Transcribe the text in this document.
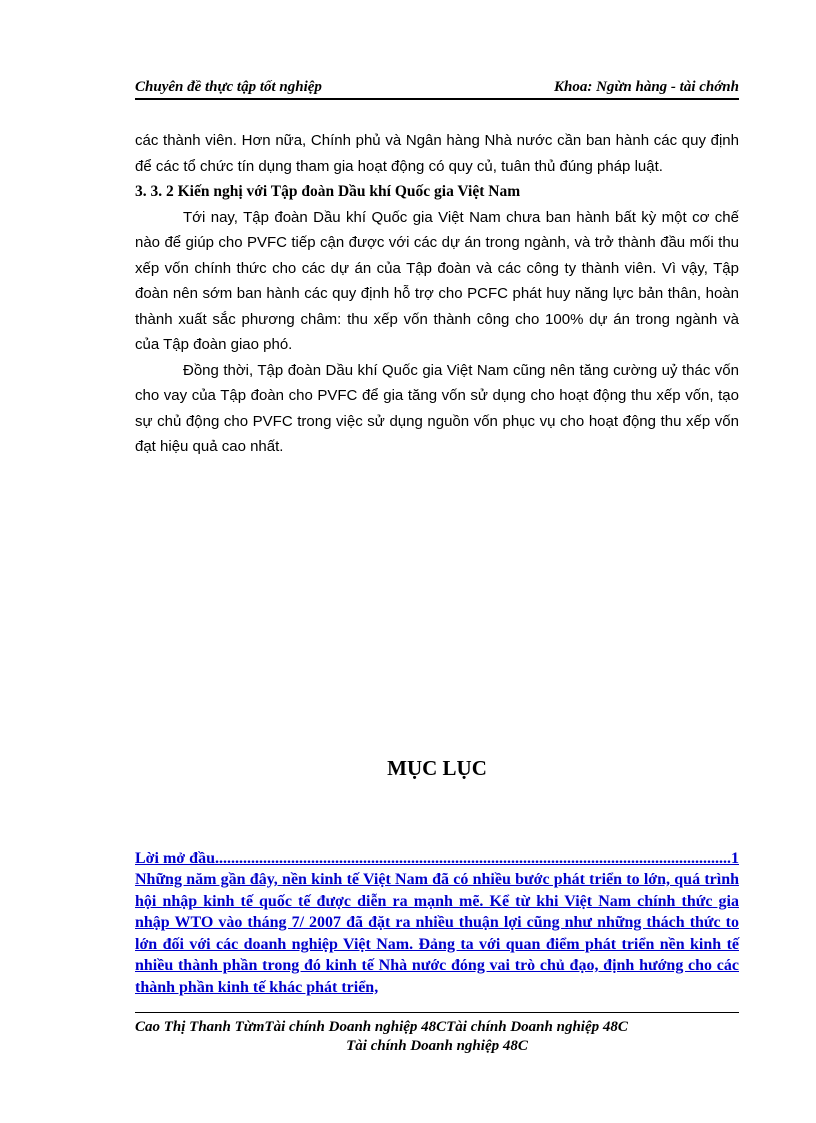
Chuyên đề thực tập tốt nghiệp	Khoa: Ngừn hàng - tài chớnh

các thành viên. Hơn nữa, Chính phủ và Ngân hàng Nhà nước cần ban hành các quy định để các tổ chức tín dụng tham gia hoạt động có quy củ, tuân thủ đúng pháp luật.

3. 3. 2 Kiến nghị với Tập đoàn Dầu khí Quốc gia Việt Nam

Tới nay, Tập đoàn Dầu khí Quốc gia Việt Nam chưa ban hành bất kỳ một cơ chế nào để giúp cho PVFC tiếp cận được với các dự án trong ngành, và trở thành đầu mối thu xếp vốn chính thức cho các dự án của Tập đoàn và các công ty thành viên. Vì vậy, Tập đoàn nên sớm ban hành các quy định hỗ trợ cho PCFC phát huy năng lực bản thân, hoàn thành xuất sắc phương châm: thu xếp vốn thành công cho 100% dự án trong ngành và của Tập đoàn giao phó.

Đồng thời, Tập đoàn Dầu khí Quốc gia Việt Nam cũng nên tăng cường uỷ thác vốn cho vay của Tập đoàn cho PVFC để gia tăng vốn sử dụng cho hoạt động thu xếp vốn, tạo sự chủ động cho PVFC trong việc sử dụng nguồn vốn phục vụ cho hoạt động thu xếp vốn đạt hiệu quả cao nhất.

MỤC LỤC
Lời mở đầu
.....	1

Những năm gần đây, nền kinh tế Việt Nam đã có nhiều bước phát triển to lớn, quá trình hội nhập kinh tế quốc tế được diễn ra mạnh mẽ. Kể từ khi Việt Nam chính thức gia nhập WTO vào tháng 7/ 2007 đã đặt ra nhiều thuận lợi cũng như những thách thức to lớn đối với các doanh nghiệp Việt Nam. Đảng ta với quan điểm phát triển nền kinh tế nhiều thành phần trong đó kinh tế Nhà nước đóng vai trò chủ đạo, định hướng cho các thành phần kinh tế khác phát triển,

Cao Thị Thanh TừmTài chính Doanh nghiệp 48CTài chính Doanh nghiệp 48C
Tài chính Doanh nghiệp 48C
